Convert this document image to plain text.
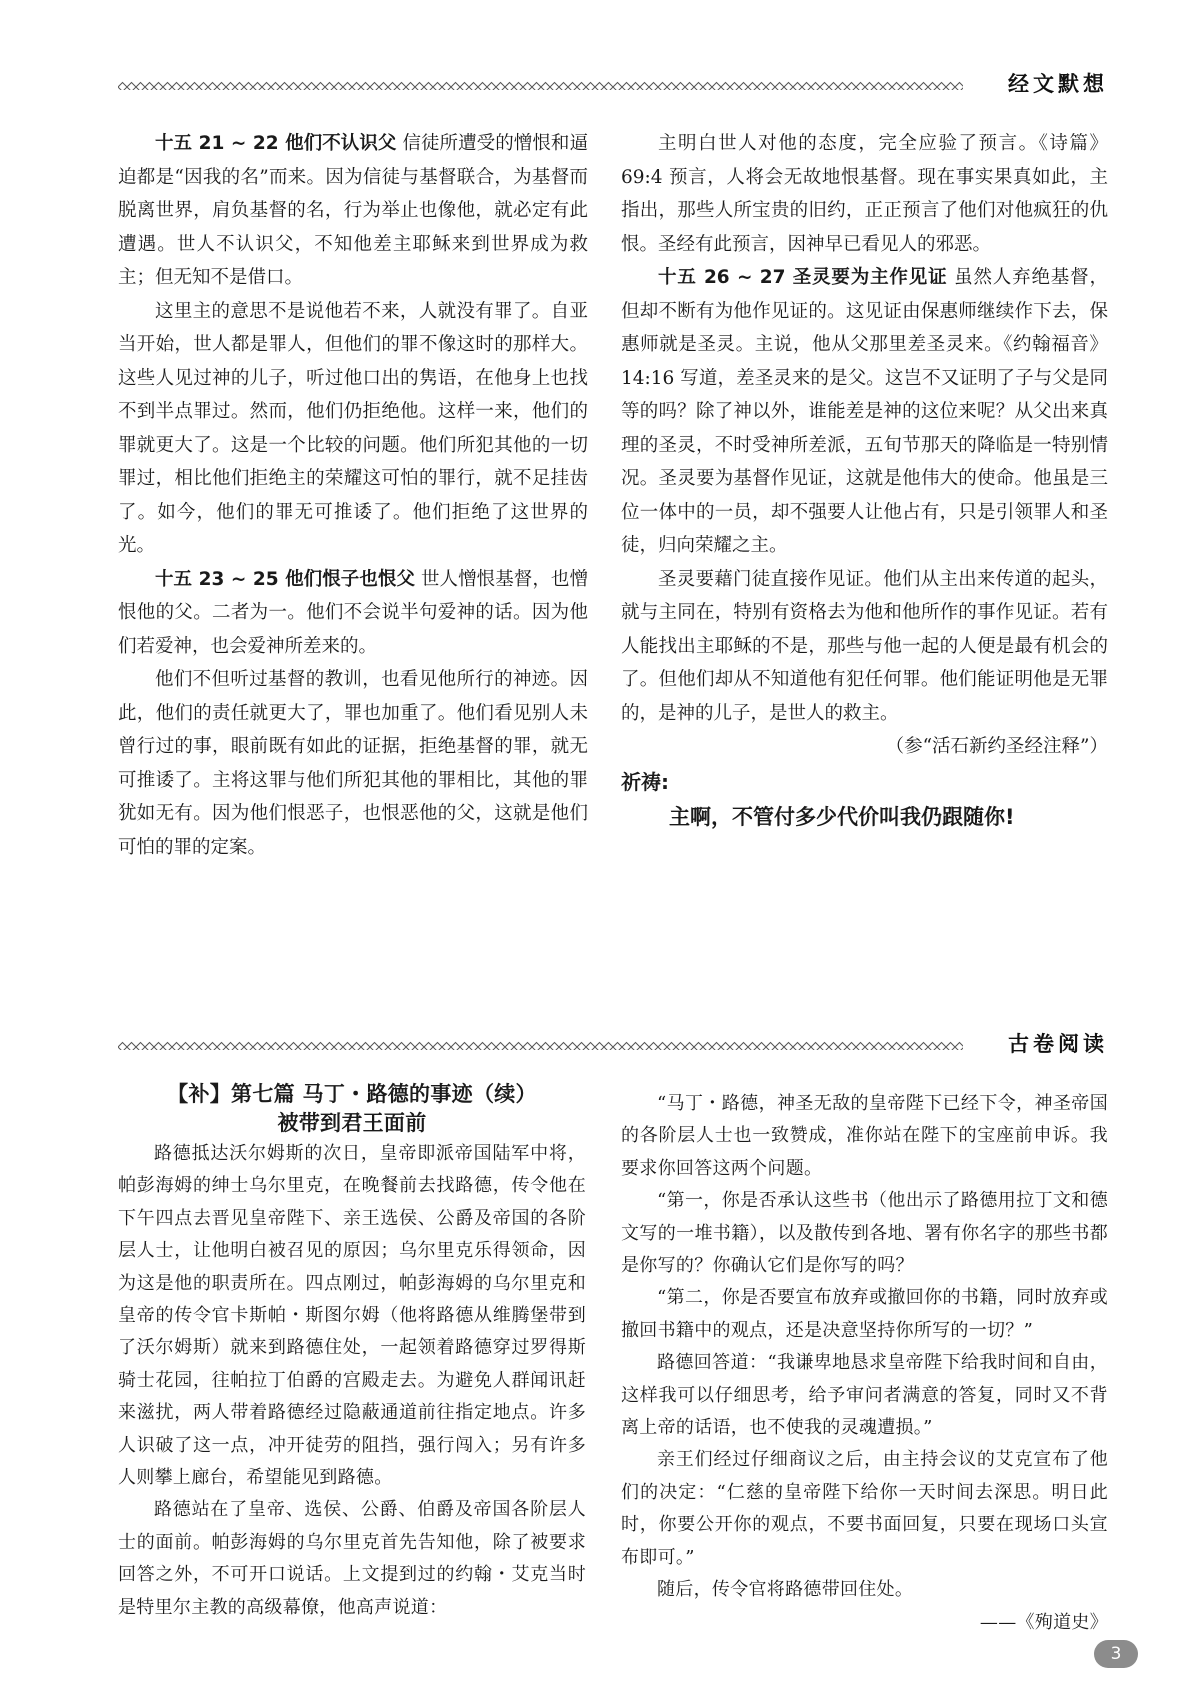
经文默想

十五 21 ~ 22 他们不认识父 信徒所遭受的憎恨和逼迫都是“因我的名”而来。因为信徒与基督联合，为基督而脱离世界，肩负基督的名，行为举止也像他，就必定有此遭遇。世人不认识父，不知他差主耶稣来到世界成为救主；但无知不是借口。

这里主的意思不是说他若不来，人就没有罪了。自亚当开始，世人都是罪人，但他们的罪不像这时的那样大。这些人见过神的儿子，听过他口出的隽语，在他身上也找不到半点罪过。然而，他们仍拒绝他。这样一来，他们的罪就更大了。这是一个比较的问题。他们所犯其他的一切罪过，相比他们拒绝主的荣耀这可怕的罪行，就不足挂齿了。如今，他们的罪无可推诿了。他们拒绝了这世界的光。

十五 23 ~ 25 他们恨子也恨父 世人憎恨基督，也憎恨他的父。二者为一。他们不会说半句爱神的话。因为他们若爱神，也会爱神所差来的。

他们不但听过基督的教训，也看见他所行的神迹。因此，他们的责任就更大了，罪也加重了。他们看见别人未曾行过的事，眼前既有如此的证据，拒绝基督的罪，就无可推诿了。主将这罪与他们所犯其他的罪相比，其他的罪犹如无有。因为他们恨恶子，也恨恶他的父，这就是他们可怕的罪的定案。

主明白世人对他的态度，完全应验了预言。《诗篇》69:4 预言，人将会无故地恨基督。现在事实果真如此，主指出，那些人所宝贵的旧约，正正预言了他们对他疯狂的仇恨。圣经有此预言，因神早已看见人的邪恶。

十五 26 ~ 27 圣灵要为主作见证 虽然人弃绝基督，但却不断有为他作见证的。这见证由保惠师继续作下去，保惠师就是圣灵。主说，他从父那里差圣灵来。《约翰福音》14:16 写道，差圣灵来的是父。这岂不又证明了子与父是同等的吗？除了神以外，谁能差是神的这位来呢？从父出来真理的圣灵，不时受神所差派，五旬节那天的降临是一特别情况。圣灵要为基督作见证，这就是他伟大的使命。他虽是三位一体中的一员，却不强要人让他占有，只是引领罪人和圣徒，归向荣耀之主。

圣灵要藉门徒直接作见证。他们从主出来传道的起头，就与主同在，特别有资格去为他和他所作的事作见证。若有人能找出主耶稣的不是，那些与他一起的人便是最有机会的了。但他们却从不知道他有犯任何罪。他们能证明他是无罪的，是神的儿子，是世人的救主。

（参“活石新约圣经注释”）
祈祷:
主啊，不管付多少代价叫我仍跟随你!
古卷阅读
【补】第七篇 马丁・路德的事迹（续）
被带到君王面前

路德抵达沃尔姆斯的次日，皇帝即派帝国陆军中将，帕彭海姆的绅士乌尔里克，在晚餐前去找路德，传令他在下午四点去晋见皇帝陛下、亲王选侯、公爵及帝国的各阶层人士，让他明白被召见的原因；乌尔里克乐得领命，因为这是他的职责所在。四点刚过，帕彭海姆的乌尔里克和皇帝的传令官卡斯帕・斯图尔姆（他将路德从维腾堡带到了沃尔姆斯）就来到路德住处，一起领着路德穿过罗得斯骑士花园，往帕拉丁伯爵的宫殿走去。为避免人群闻讯赶来滋扰，两人带着路德经过隐蔽通道前往指定地点。许多人识破了这一点，冲开徒劳的阻挡，强行闯入；另有许多人则攀上廊台，希望能见到路德。

路德站在了皇帝、选侯、公爵、伯爵及帝国各阶层人士的面前。帕彭海姆的乌尔里克首先告知他，除了被要求回答之外，不可开口说话。上文提到过的约翰・艾克当时是特里尔主教的高级幕僚，他高声说道：

“马丁・路德，神圣无敌的皇帝陛下已经下令，神圣帝国的各阶层人士也一致赞成，准你站在陛下的宝座前申诉。我要求你回答这两个问题。

“第一，你是否承认这些书（他出示了路德用拉丁文和德文写的一堆书籍），以及散传到各地、署有你名字的那些书都是你写的？你确认它们是你写的吗？

“第二，你是否要宣布放弃或撤回你的书籍，同时放弃或撤回书籍中的观点，还是决意坚持你所写的一切？”

路德回答道：“我谦卑地恳求皇帝陛下给我时间和自由，这样我可以仔细思考，给予审问者满意的答复，同时又不背离上帝的话语，也不使我的灵魂遭损。”

亲王们经过仔细商议之后，由主持会议的艾克宣布了他们的决定：“仁慈的皇帝陛下给你一天时间去深思。明日此时，你要公开你的观点，不要书面回复，只要在现场口头宣布即可。”

随后，传令官将路德带回住处。

——《殉道史》
3
